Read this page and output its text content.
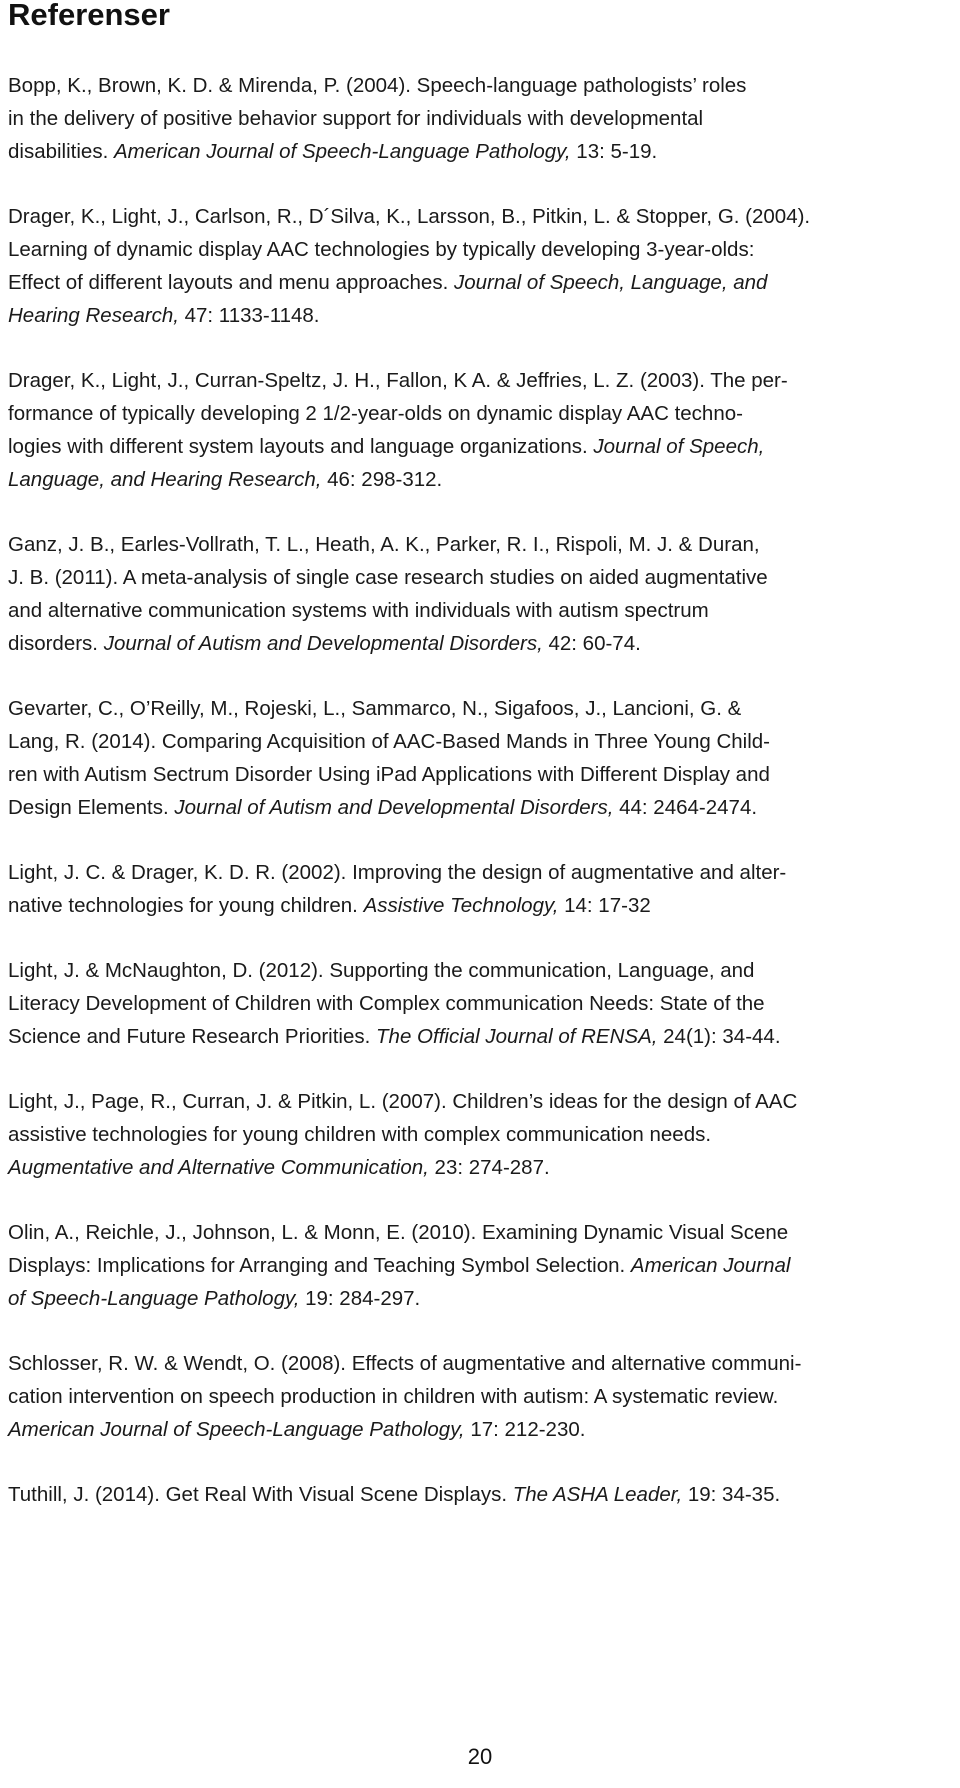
Referenser

Bopp, K., Brown, K. D. & Mirenda, P. (2004). Speech-language pathologists’ roles
in the delivery of positive behavior support for individuals with developmental
disabilities. American Journal of Speech-Language Pathology, 13: 5-19.

Drager, K., Light, J., Carlson, R., D´Silva, K., Larsson, B., Pitkin, L. & Stopper, G. (2004).
Learning of dynamic display AAC technologies by typically developing 3-year-olds:
Effect of different layouts and menu approaches. Journal of Speech, Language, and
Hearing Research, 47: 1133-1148.

Drager, K., Light, J., Curran-Speltz, J. H., Fallon, K A. & Jeffries, L. Z. (2003). The per-
formance of typically developing 2 1/2-year-olds on dynamic display AAC techno-
logies with different system layouts and language organizations. Journal of Speech,
Language, and Hearing Research, 46: 298-312.

Ganz, J. B., Earles-Vollrath, T. L., Heath, A. K., Parker, R. I., Rispoli, M. J. & Duran,
J. B. (2011). A meta-analysis of single case research studies on aided augmentative
and alternative communication systems with individuals with autism spectrum
disorders. Journal of Autism and Developmental Disorders, 42: 60-74.

Gevarter, C., O’Reilly, M., Rojeski, L., Sammarco, N., Sigafoos, J., Lancioni, G. &
Lang, R. (2014). Comparing Acquisition of AAC-Based Mands in Three Young Child-
ren with Autism Sectrum Disorder Using iPad Applications with Different Display and
Design Elements. Journal of Autism and Developmental Disorders, 44: 2464-2474.

Light, J. C. & Drager, K. D. R. (2002). Improving the design of augmentative and alter-
native technologies for young children. Assistive Technology, 14: 17-32

Light, J. & McNaughton, D. (2012). Supporting the communication, Language, and
Literacy Development of Children with Complex communication Needs: State of the
Science and Future Research Priorities. The Official Journal of RENSA, 24(1): 34-44.

Light, J., Page, R., Curran, J. & Pitkin, L. (2007). Children’s ideas for the design of AAC
assistive technologies for young children with complex communication needs.
Augmentative and Alternative Communication, 23: 274-287.

Olin, A., Reichle, J., Johnson, L. & Monn, E. (2010). Examining Dynamic Visual Scene
Displays: Implications for Arranging and Teaching Symbol Selection. American Journal
of Speech-Language Pathology, 19: 284-297.

Schlosser, R. W. & Wendt, O. (2008). Effects of augmentative and alternative communi-
cation intervention on speech production in children with autism: A systematic review.
American Journal of Speech-Language Pathology, 17: 212-230.

Tuthill, J. (2014). Get Real With Visual Scene Displays. The ASHA Leader, 19: 34-35.

20
